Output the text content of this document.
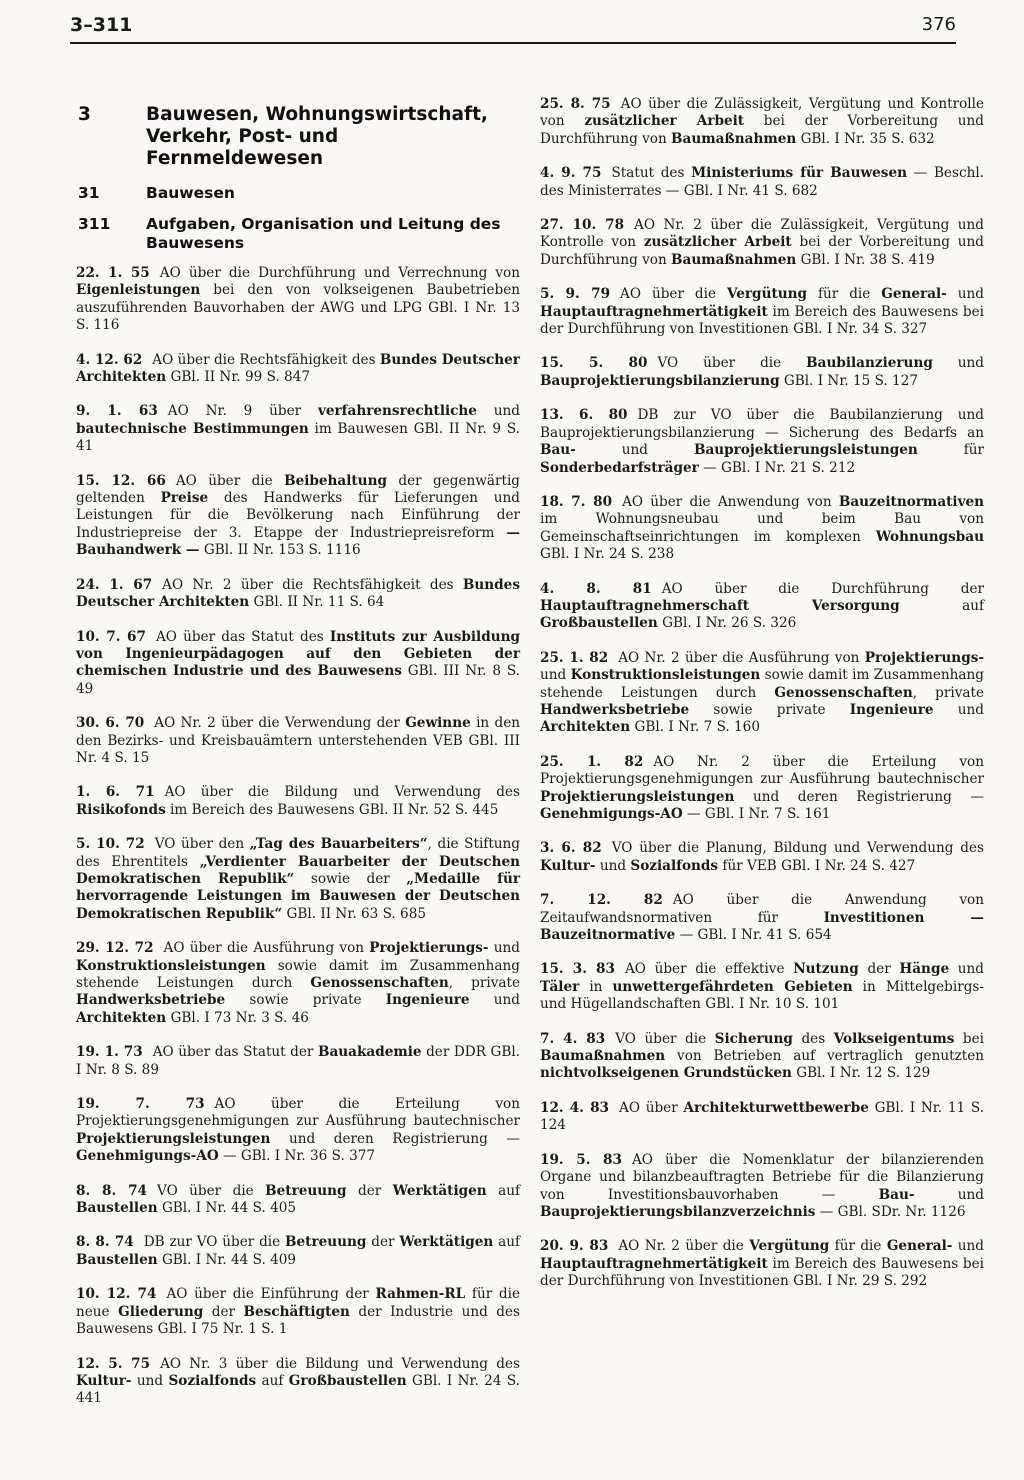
3–311	376
3	Bauwesen, Wohnungswirtschaft, Verkehr, Post- und Fernmeldewesen
31	Bauwesen
311	Aufgaben, Organisation und Leitung des Bauwesens
22. 1. 55 AO über die Durchführung und Verrechnung von Eigenleistungen bei den von volkseigenen Baubetrieben auszuführenden Bauvorhaben der AWG und LPG GBl. I Nr. 13 S. 116
4. 12. 62 AO über die Rechtsfähigkeit des Bundes Deutscher Architekten GBl. II Nr. 99 S. 847
9. 1. 63 AO Nr. 9 über verfahrensrechtliche und bautechnische Bestimmungen im Bauwesen GBl. II Nr. 9 S. 41
15. 12. 66 AO über die Beibehaltung der gegenwärtig geltenden Preise des Handwerks für Lieferungen und Leistungen für die Bevölkerung nach Einführung der Industriepreise der 3. Etappe der Industriepreisreform — Bauhandwerk — GBl. II Nr. 153 S. 1116
24. 1. 67 AO Nr. 2 über die Rechtsfähigkeit des Bundes Deutscher Architekten GBl. II Nr. 11 S. 64
10. 7. 67 AO über das Statut des Instituts zur Ausbildung von Ingenieurpädagogen auf den Gebieten der chemischen Industrie und des Bauwesens GBl. III Nr. 8 S. 49
30. 6. 70 AO Nr. 2 über die Verwendung der Gewinne in den den Bezirks- und Kreisbauämtern unterstehenden VEB GBl. III Nr. 4 S. 15
1. 6. 71 AO über die Bildung und Verwendung des Risikofonds im Bereich des Bauwesens GBl. II Nr. 52 S. 445
5. 10. 72 VO über den „Tag des Bauarbeiters“, die Stiftung des Ehrentitels „Verdienter Bauarbeiter der Deutschen Demokratischen Republik“ sowie der „Medaille für hervorragende Leistungen im Bauwesen der Deutschen Demokratischen Republik“ GBl. II Nr. 63 S. 685
29. 12. 72 AO über die Ausführung von Projektierungs- und Konstruktionsleistungen sowie damit im Zusammenhang stehende Leistungen durch Genossenschaften, private Handwerksbetriebe sowie private Ingenieure und Architekten GBl. I 73 Nr. 3 S. 46
19. 1. 73 AO über das Statut der Bauakademie der DDR GBl. I Nr. 8 S. 89
19. 7. 73 AO über die Erteilung von Projektierungsgenehmigungen zur Ausführung bautechnischer Projektierungsleistungen und deren Registrierung — Genehmigungs-AO — GBl. I Nr. 36 S. 377
8. 8. 74 VO über die Betreuung der Werktätigen auf Baustellen GBl. I Nr. 44 S. 405
8. 8. 74 DB zur VO über die Betreuung der Werktätigen auf Baustellen GBl. I Nr. 44 S. 409
10. 12. 74 AO über die Einführung der Rahmen-RL für die neue Gliederung der Beschäftigten der Industrie und des Bauwesens GBl. I 75 Nr. 1 S. 1
12. 5. 75 AO Nr. 3 über die Bildung und Verwendung des Kultur- und Sozialfonds auf Großbaustellen GBl. I Nr. 24 S. 441
25. 8. 75 AO über die Zulässigkeit, Vergütung und Kontrolle von zusätzlicher Arbeit bei der Vorbereitung und Durchführung von Baumaßnahmen GBl. I Nr. 35 S. 632
4. 9. 75 Statut des Ministeriums für Bauwesen — Beschl. des Ministerrates — GBl. I Nr. 41 S. 682
27. 10. 78 AO Nr. 2 über die Zulässigkeit, Vergütung und Kontrolle von zusätzlicher Arbeit bei der Vorbereitung und Durchführung von Baumaßnahmen GBl. I Nr. 38 S. 419
5. 9. 79 AO über die Vergütung für die General- und Hauptauftragnehmertätigkeit im Bereich des Bauwesens bei der Durchführung von Investitionen GBl. I Nr. 34 S. 327
15. 5. 80 VO über die Baubilanzierung und Bauprojektierungsbilanzierung GBl. I Nr. 15 S. 127
13. 6. 80 DB zur VO über die Baubilanzierung und Bauprojektierungsbilanzierung — Sicherung des Bedarfs an Bau- und Bauprojektierungsleistungen für Sonderbedarfsträger — GBl. I Nr. 21 S. 212
18. 7. 80 AO über die Anwendung von Bauzeitnormativen im Wohnungsneubau und beim Bau von Gemeinschaftseinrichtungen im komplexen Wohnungsbau GBl. I Nr. 24 S. 238
4. 8. 81 AO über die Durchführung der Hauptauftragnehmerschaft Versorgung auf Großbaustellen GBl. I Nr. 26 S. 326
25. 1. 82 AO Nr. 2 über die Ausführung von Projektierungs- und Konstruktionsleistungen sowie damit im Zusammenhang stehende Leistungen durch Genossenschaften, private Handwerksbetriebe sowie private Ingenieure und Architekten GBl. I Nr. 7 S. 160
25. 1. 82 AO Nr. 2 über die Erteilung von Projektierungsgenehmigungen zur Ausführung bautechnischer Projektierungsleistungen und deren Registrierung — Genehmigungs-AO — GBl. I Nr. 7 S. 161
3. 6. 82 VO über die Planung, Bildung und Verwendung des Kultur- und Sozialfonds für VEB GBl. I Nr. 24 S. 427
7. 12. 82 AO über die Anwendung von Zeitaufwandsnormativen für Investitionen — Bauzeitnormative — GBl. I Nr. 41 S. 654
15. 3. 83 AO über die effektive Nutzung der Hänge und Täler in unwettergefährdeten Gebieten in Mittelgebirgs- und Hügellandschaften GBl. I Nr. 10 S. 101
7. 4. 83 VO über die Sicherung des Volkseigentums bei Baumaßnahmen von Betrieben auf vertraglich genutzten nichtvolkseigenen Grundstücken GBl. I Nr. 12 S. 129
12. 4. 83 AO über Architekturwettbewerbe GBl. I Nr. 11 S. 124
19. 5. 83 AO über die Nomenklatur der bilanzierenden Organe und bilanzbeauftragten Betriebe für die Bilanzierung von Investitionsbauvorhaben — Bau- und Bauprojektierungsbilanzverzeichnis — GBl. SDr. Nr. 1126
20. 9. 83 AO Nr. 2 über die Vergütung für die General- und Hauptauftragnehmertätigkeit im Bereich des Bauwesens bei der Durchführung von Investitionen GBl. I Nr. 29 S. 292
